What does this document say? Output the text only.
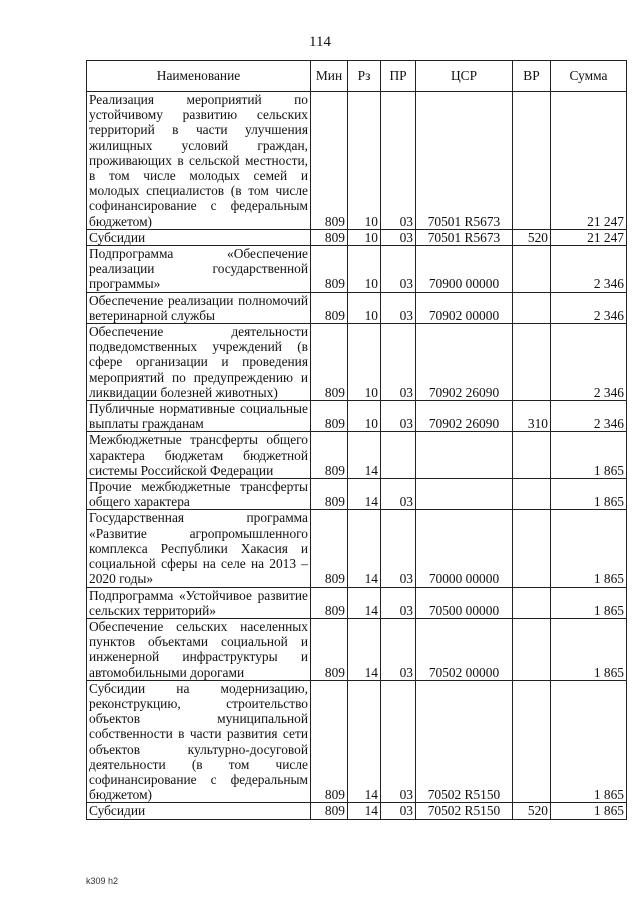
114
Наименование	Мин	Рз	ПР	ЦСР	ВР	Сумма
Реализация мероприятий по устойчивому развитию сельских территорий в части улучшения жилищных условий граждан, проживающих в сельской местности, в том числе молодых семей и молодых специалистов (в том числе софинансирование с федеральным бюджетом)	809	10	03	70501 R5673		21 247
Субсидии	809	10	03	70501 R5673	520	21 247
Подпрограмма «Обеспечение реализации государственной программы»	809	10	03	70900 00000		2 346
Обеспечение реализации полномочий ветеринарной службы	809	10	03	70902 00000		2 346
Обеспечение деятельности подведомственных учреждений (в сфере организации и проведения мероприятий по предупреждению и ликвидации болезней животных)	809	10	03	70902 26090		2 346
Публичные нормативные социальные выплаты гражданам	809	10	03	70902 26090	310	2 346
Межбюджетные трансферты общего характера бюджетам бюджетной системы Российской Федерации	809	14				1 865
Прочие межбюджетные трансферты общего характера	809	14	03			1 865
Государственная программа «Развитие агропромышленного комплекса Республики Хакасия и социальной сферы на селе на 2013 – 2020 годы»	809	14	03	70000 00000		1 865
Подпрограмма «Устойчивое развитие сельских территорий»	809	14	03	70500 00000		1 865
Обеспечение сельских населенных пунктов объектами социальной и инженерной инфраструктуры и автомобильными дорогами	809	14	03	70502 00000		1 865
Субсидии на модернизацию, реконструкцию, строительство объектов муниципальной собственности в части развития сети объектов культурно-досуговой деятельности (в том числе софинансирование с федеральным бюджетом)	809	14	03	70502 R5150		1 865
Субсидии	809	14	03	70502 R5150	520	1 865
k309 h2
